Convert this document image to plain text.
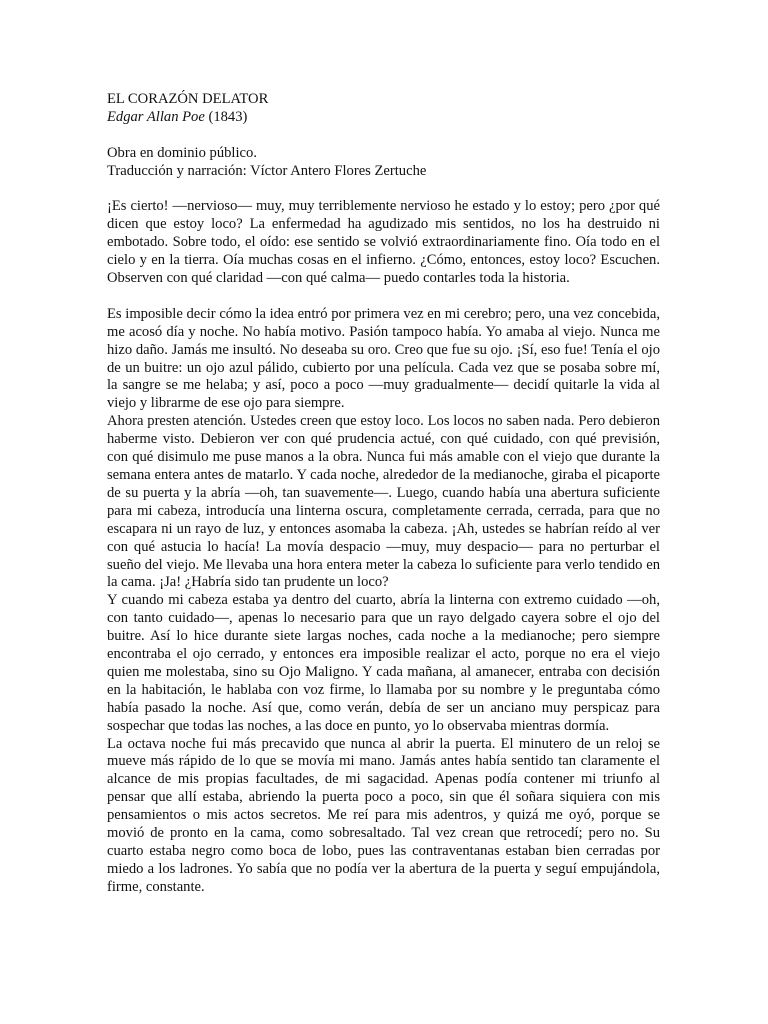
EL CORAZÓN DELATOR

Edgar Allan Poe (1843)

Obra en dominio público.

Traducción y narración: Víctor Antero Flores Zertuche

¡Es cierto! —nervioso— muy, muy terriblemente nervioso he estado y lo estoy; pero ¿por qué dicen que estoy loco? La enfermedad ha agudizado mis sentidos, no los ha destruido ni embotado. Sobre todo, el oído: ese sentido se volvió extraordinariamente fino. Oía todo en el cielo y en la tierra. Oía muchas cosas en el infierno. ¿Cómo, entonces, estoy loco? Escuchen. Observen con qué claridad —con qué calma— puedo contarles toda la historia.

Es imposible decir cómo la idea entró por primera vez en mi cerebro; pero, una vez concebida, me acosó día y noche. No había motivo. Pasión tampoco había. Yo amaba al viejo. Nunca me hizo daño. Jamás me insultó. No deseaba su oro. Creo que fue su ojo. ¡Sí, eso fue! Tenía el ojo de un buitre: un ojo azul pálido, cubierto por una película. Cada vez que se posaba sobre mí, la sangre se me helaba; y así, poco a poco —muy gradualmente— decidí quitarle la vida al viejo y librarme de ese ojo para siempre.

Ahora presten atención. Ustedes creen que estoy loco. Los locos no saben nada. Pero debieron haberme visto. Debieron ver con qué prudencia actué, con qué cuidado, con qué previsión, con qué disimulo me puse manos a la obra. Nunca fui más amable con el viejo que durante la semana entera antes de matarlo. Y cada noche, alrededor de la medianoche, giraba el picaporte de su puerta y la abría —oh, tan suavemente—. Luego, cuando había una abertura suficiente para mi cabeza, introducía una linterna oscura, completamente cerrada, cerrada, para que no escapara ni un rayo de luz, y entonces asomaba la cabeza. ¡Ah, ustedes se habrían reído al ver con qué astucia lo hacía! La movía despacio —muy, muy despacio— para no perturbar el sueño del viejo. Me llevaba una hora entera meter la cabeza lo suficiente para verlo tendido en la cama. ¡Ja! ¿Habría sido tan prudente un loco?

Y cuando mi cabeza estaba ya dentro del cuarto, abría la linterna con extremo cuidado —oh, con tanto cuidado—, apenas lo necesario para que un rayo delgado cayera sobre el ojo del buitre. Así lo hice durante siete largas noches, cada noche a la medianoche; pero siempre encontraba el ojo cerrado, y entonces era imposible realizar el acto, porque no era el viejo quien me molestaba, sino su Ojo Maligno. Y cada mañana, al amanecer, entraba con decisión en la habitación, le hablaba con voz firme, lo llamaba por su nombre y le preguntaba cómo había pasado la noche. Así que, como verán, debía de ser un anciano muy perspicaz para sospechar que todas las noches, a las doce en punto, yo lo observaba mientras dormía.

La octava noche fui más precavido que nunca al abrir la puerta. El minutero de un reloj se mueve más rápido de lo que se movía mi mano. Jamás antes había sentido tan claramente el alcance de mis propias facultades, de mi sagacidad. Apenas podía contener mi triunfo al pensar que allí estaba, abriendo la puerta poco a poco, sin que él soñara siquiera con mis pensamientos o mis actos secretos. Me reí para mis adentros, y quizá me oyó, porque se movió de pronto en la cama, como sobresaltado. Tal vez crean que retrocedí; pero no. Su cuarto estaba negro como boca de lobo, pues las contraventanas estaban bien cerradas por miedo a los ladrones. Yo sabía que no podía ver la abertura de la puerta y seguí empujándola, firme, constante.
